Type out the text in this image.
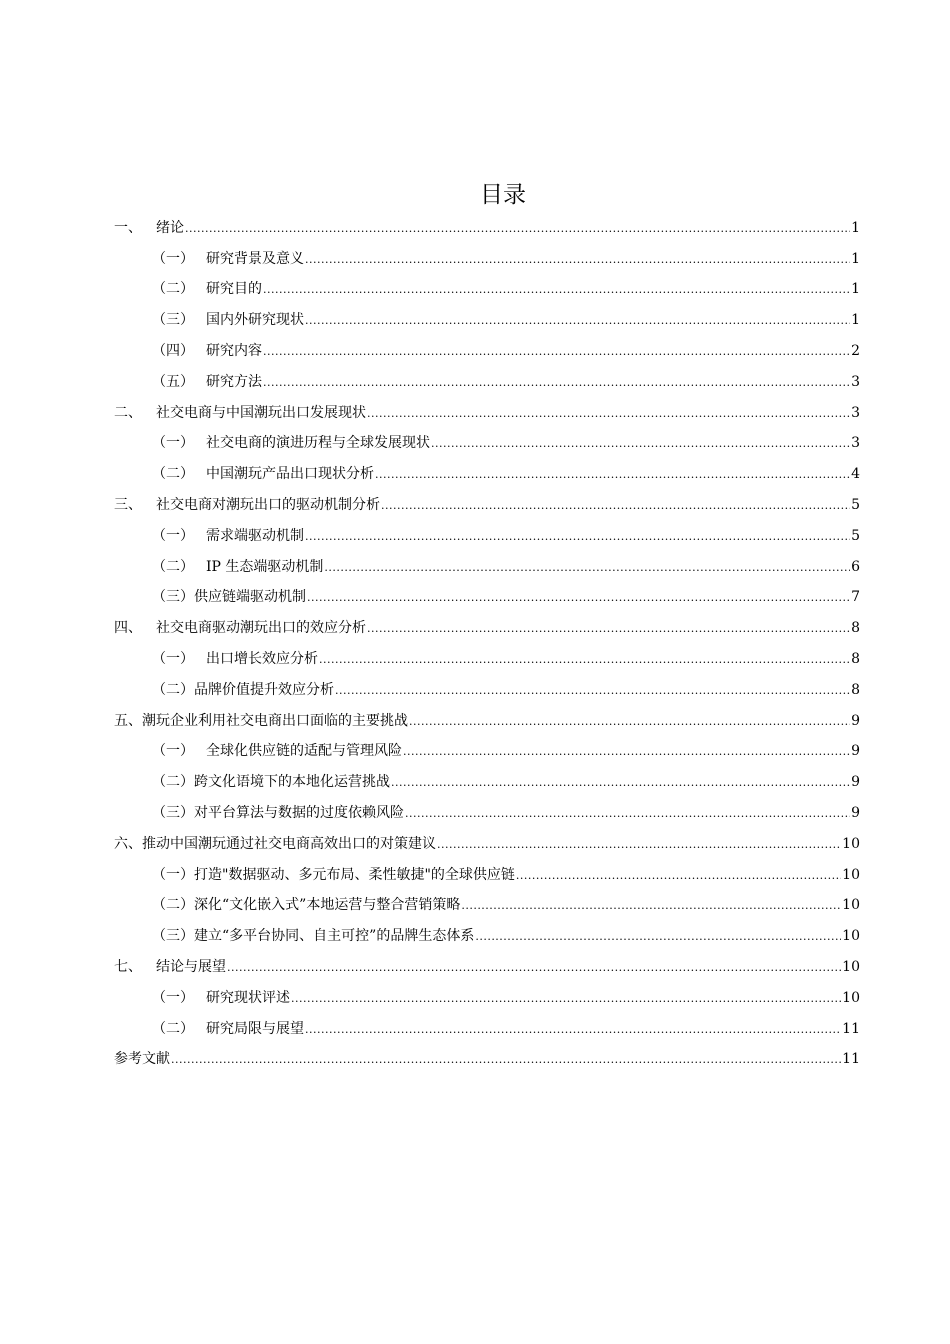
目录
一、	绪论 .....	1
（一） 研究背景及意义 .....	1
（二） 研究目的 .....	1
（三） 国内外研究现状 .....	1
（四） 研究内容 .....	2
（五） 研究方法 .....	3
二、	社交电商与中国潮玩出口发展现状 .....	3
（一） 社交电商的演进历程与全球发展现状 .....	3
（二） 中国潮玩产品出口现状分析 .....	4
三、	社交电商对潮玩出口的驱动机制分析 .....	5
（一） 需求端驱动机制 .....	5
（二） IP 生态端驱动机制 .....	6
（三） 供应链端驱动机制 .....	7
四、	社交电商驱动潮玩出口的效应分析 .....	8
（一） 出口增长效应分析 .....	8
（二） 品牌价值提升效应分析 .....	8
五、 潮玩企业利用社交电商出口面临的主要挑战 .....	9
（一） 全球化供应链的适配与管理风险 .....	9
（二） 跨文化语境下的本地化运营挑战 .....	9
（三） 对平台算法与数据的过度依赖风险 .....	9
六、 推动中国潮玩通过社交电商高效出口的对策建议 .....	10
（一） 打造"数据驱动、多元布局、柔性敏捷"的全球供应链 .....	10
（二） 深化“文化嵌入式”本地运营与整合营销策略 .....	10
（三） 建立“多平台协同、自主可控”的品牌生态体系 .....	10
七、	结论与展望 .....	10
（一） 研究现状评述 .....	10
（二） 研究局限与展望 .....	11
参考文献 .....	11
